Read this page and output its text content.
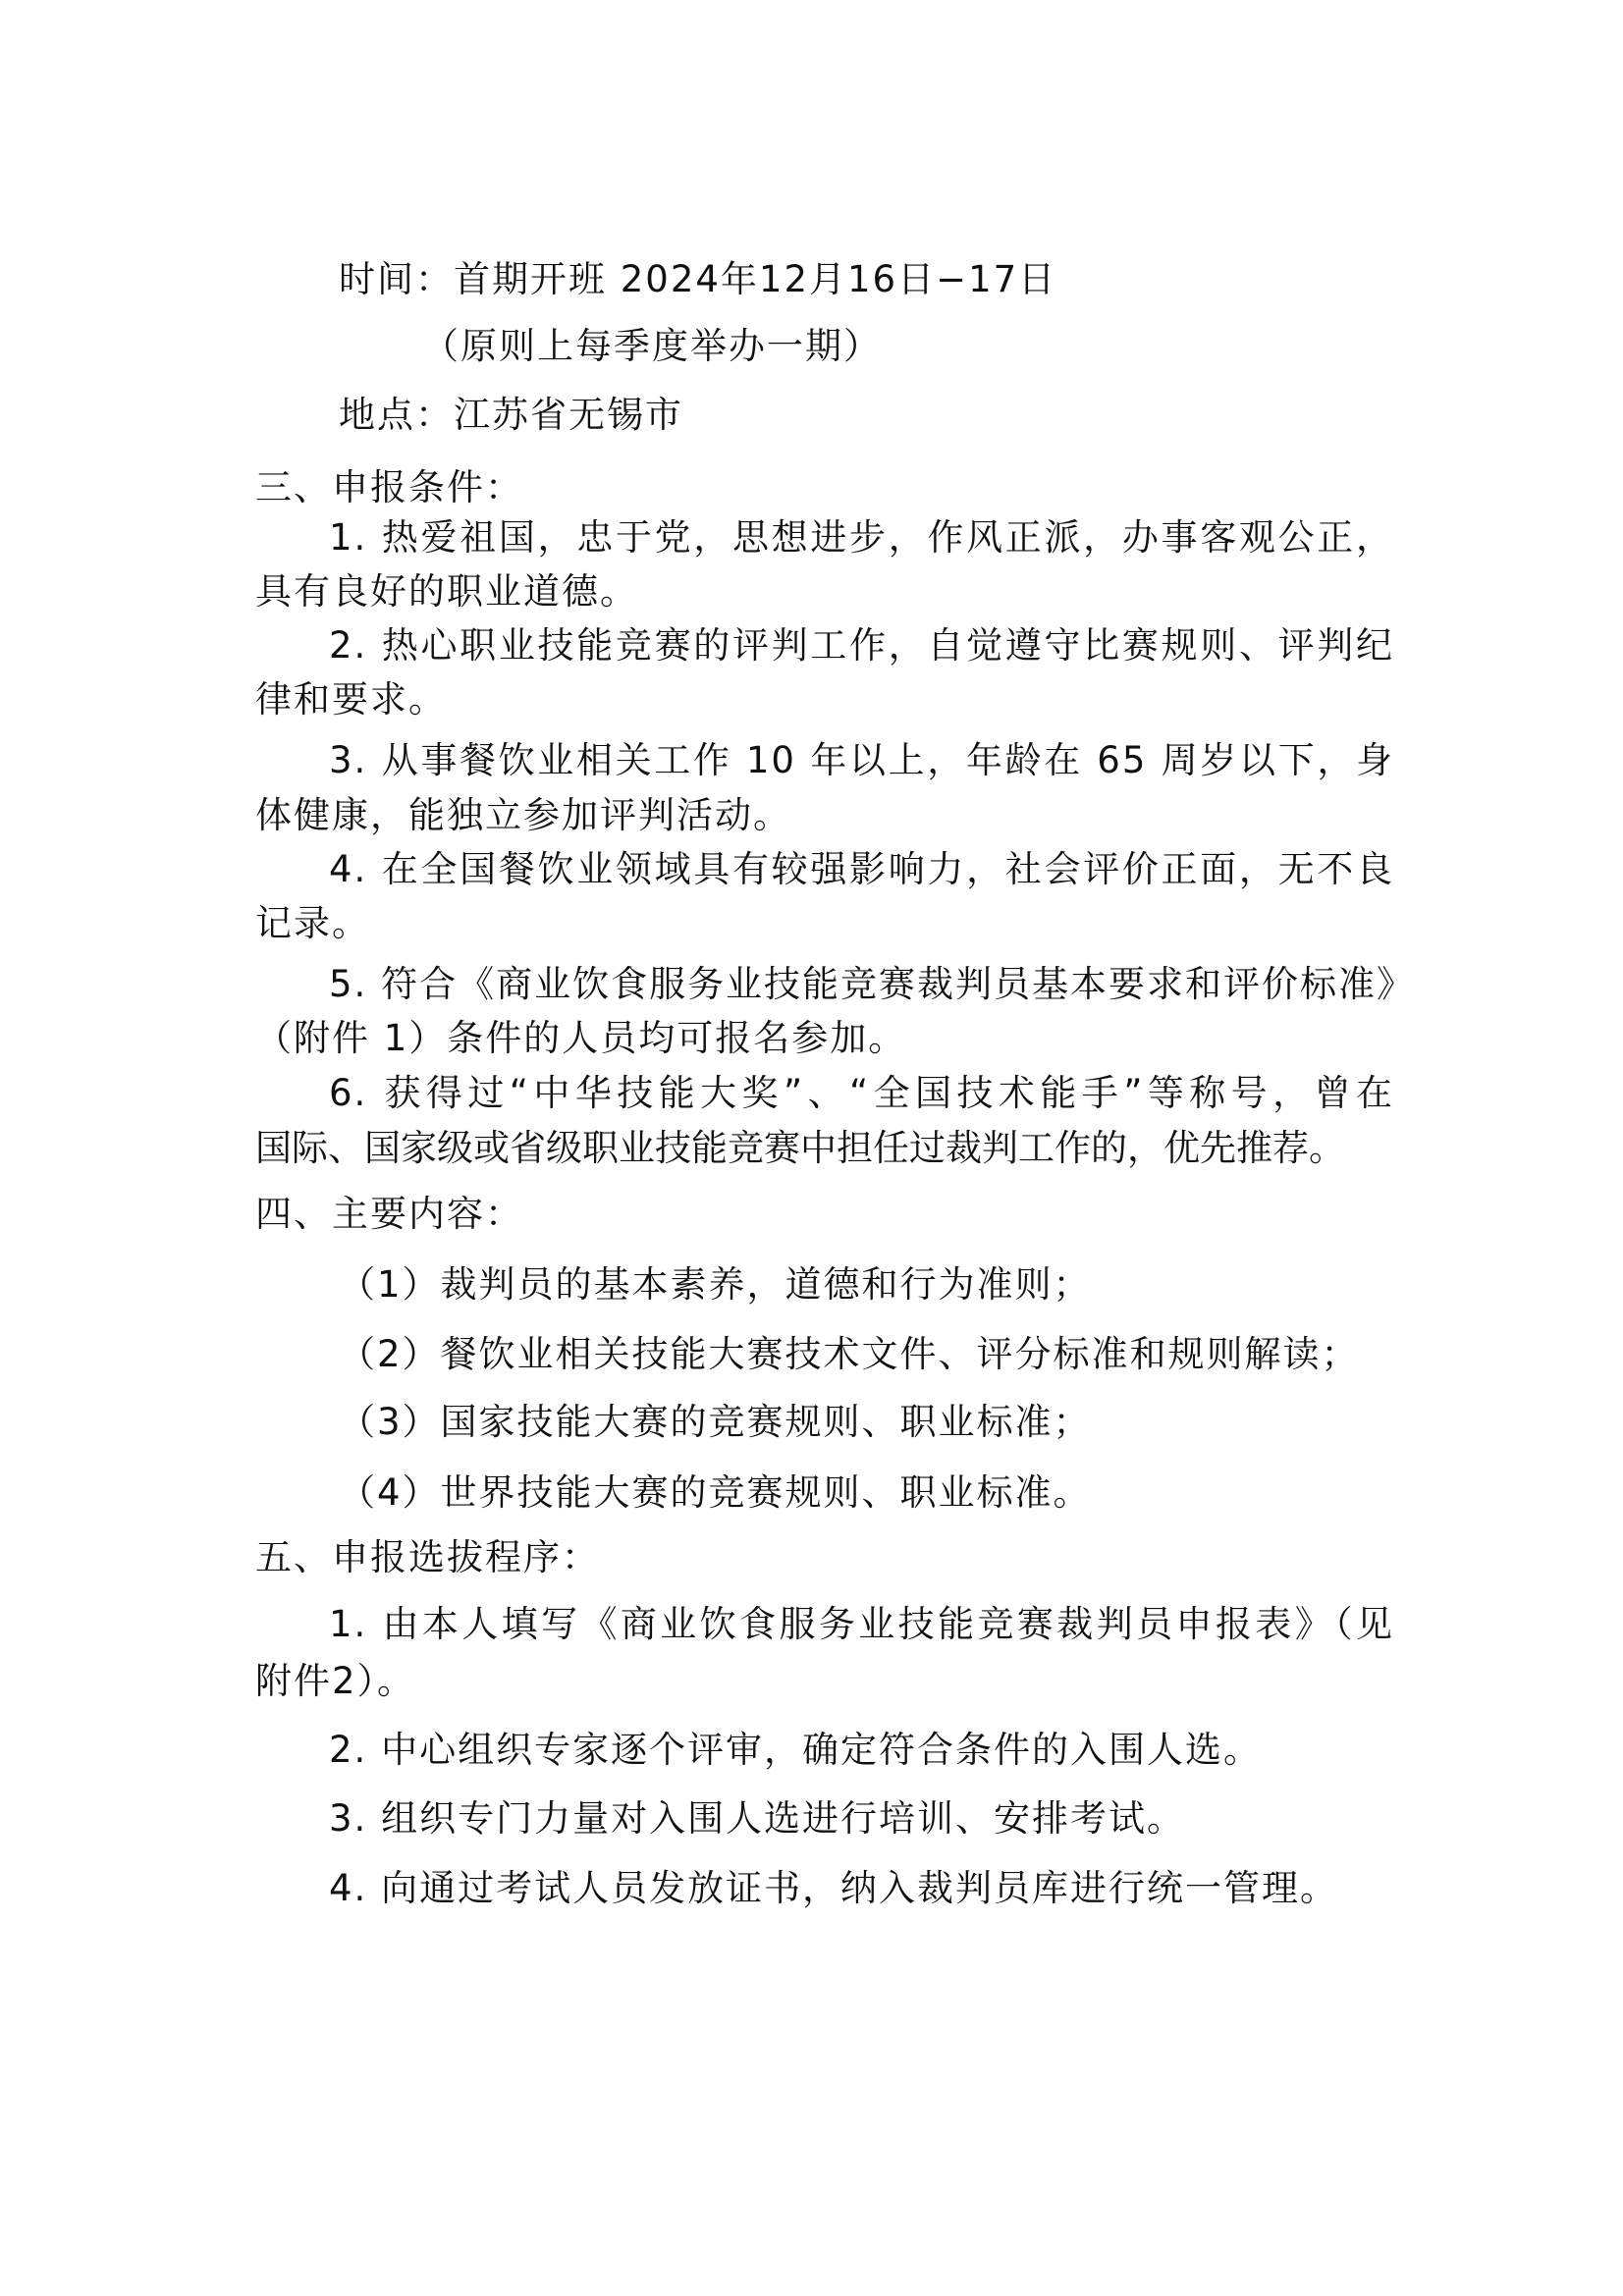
时间：首期开班 2024年12月16日−17日

（原则上每季度举办一期）

地点：江苏省无锡市

三、申报条件：

1. 热爱祖国，忠于党，思想进步，作风正派，办事客观公正，

具有良好的职业道德。

2. 热心职业技能竞赛的评判工作，自觉遵守比赛规则、评判纪

律和要求。

3. 从事餐饮业相关工作 10 年以上，年龄在 65 周岁以下，身

体健康，能独立参加评判活动。

4. 在全国餐饮业领域具有较强影响力，社会评价正面，无不良

记录。

5. 符合《商业饮食服务业技能竞赛裁判员基本要求和评价标准》

（附件 1）条件的人员均可报名参加。

6. 获得过“中华技能大奖”、“全国技术能手”等称号，曾在

国际、国家级或省级职业技能竞赛中担任过裁判工作的，优先推荐。

四、主要内容：

（1）裁判员的基本素养，道德和行为准则；

（2）餐饮业相关技能大赛技术文件、评分标准和规则解读；

（3）国家技能大赛的竞赛规则、职业标准；

（4）世界技能大赛的竞赛规则、职业标准。

五、申报选拔程序：

1. 由本人填写《商业饮食服务业技能竞赛裁判员申报表》（见

附件2）。

2. 中心组织专家逐个评审，确定符合条件的入围人选。

3. 组织专门力量对入围人选进行培训、安排考试。

4. 向通过考试人员发放证书，纳入裁判员库进行统一管理。
